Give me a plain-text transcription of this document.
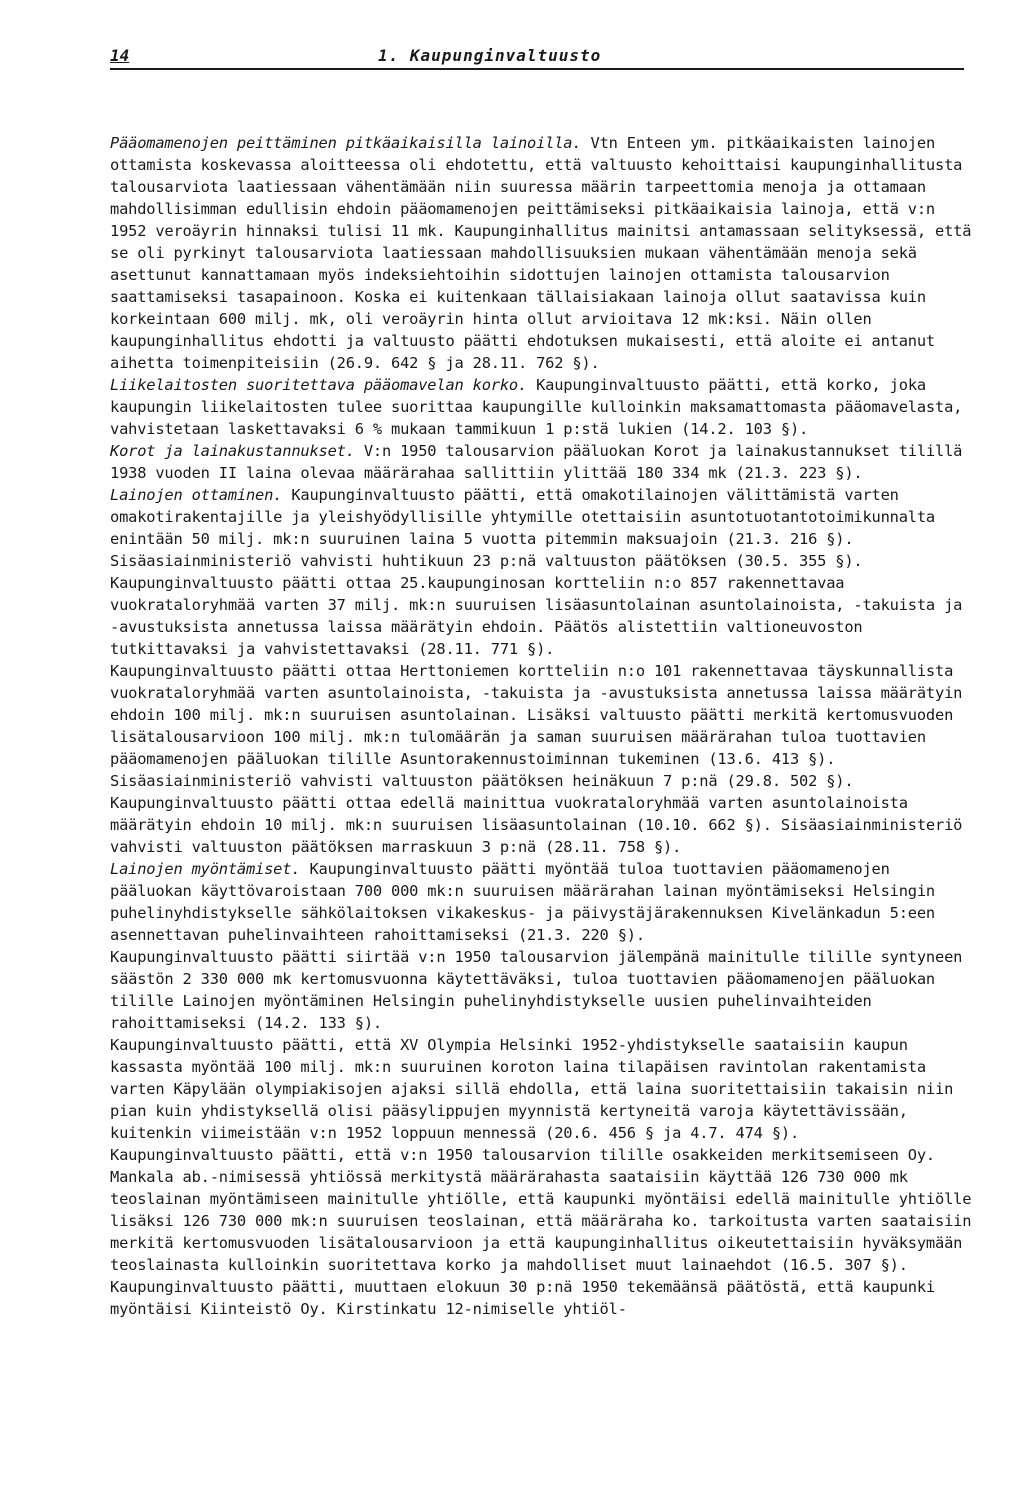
14	1. Kaupunginvaltuusto

Pääomamenojen peittäminen pitkäaikaisilla lainoilla. Vtn Enteen ym. pitkäaikaisten lainojen ottamista koskevassa aloitteessa oli ehdotettu, että valtuusto kehoittaisi kaupunginhallitusta talousarviota laatiessaan vähentämään niin suuressa määrin tarpeettomia menoja ja ottamaan mahdollisimman edullisin ehdoin pääomamenojen peittämiseksi pitkäaikaisia lainoja, että v:n 1952 veroäyrin hinnaksi tulisi 11 mk. Kaupunginhallitus mainitsi antamassaan selityksessä, että se oli pyrkinyt talousarviota laatiessaan mahdollisuuksien mukaan vähentämään menoja sekä asettunut kannattamaan myös indeksiehtoihin sidottujen lainojen ottamista talousarvion saattamiseksi tasapainoon. Koska ei kuitenkaan tällaisiakaan lainoja ollut saatavissa kuin korkeintaan 600 milj. mk, oli veroäyrin hinta ollut arvioitava 12 mk:ksi. Näin ollen kaupunginhallitus ehdotti ja valtuusto päätti ehdotuksen mukaisesti, että aloite ei antanut aihetta toimenpiteisiin (26.9. 642 § ja 28.11. 762 §).

Liikelaitosten suoritettava pääomavelan korko. Kaupunginvaltuusto päätti, että korko, joka kaupungin liikelaitosten tulee suorittaa kaupungille kulloinkin maksamattomasta pääomavelasta, vahvistetaan laskettavaksi 6 % mukaan tammikuun 1 p:stä lukien (14.2. 103 §).

Korot ja lainakustannukset. V:n 1950 talousarvion pääluokan Korot ja lainakustannukset tilillä 1938 vuoden II laina olevaa määrärahaa sallittiin ylittää 180 334 mk (21.3. 223 §).

Lainojen ottaminen. Kaupunginvaltuusto päätti, että omakotilainojen välittämistä varten omakotirakentajille ja yleishyödyllisille yhtymille otettaisiin asuntotuotantotoimikunnalta enintään 50 milj. mk:n suuruinen laina 5 vuotta pitemmin maksuajoin (21.3. 216 §). Sisäasiainministeriö vahvisti huhtikuun 23 p:nä valtuuston päätöksen (30.5. 355 §).

Kaupunginvaltuusto päätti ottaa 25.kaupunginosan kortteliin n:o 857 rakennettavaa vuokrataloryhmää varten 37 milj. mk:n suuruisen lisäasuntolainan asuntolainoista, -takuista ja -avustuksista annetussa laissa määrätyin ehdoin. Päätös alistettiin valtioneuvoston tutkittavaksi ja vahvistettavaksi (28.11. 771 §).

Kaupunginvaltuusto päätti ottaa Herttoniemen kortteliin n:o 101 rakennettavaa täyskunnallista vuokrataloryhmää varten asuntolainoista, -takuista ja -avustuksista annetussa laissa määrätyin ehdoin 100 milj. mk:n suuruisen asuntolainan. Lisäksi valtuusto päätti merkitä kertomusvuoden lisätalousarvioon 100 milj. mk:n tulomäärän ja saman suuruisen määrärahan tuloa tuottavien pääomamenojen pääluokan tilille Asuntorakennustoiminnan tukeminen (13.6. 413 §). Sisäasiainministeriö vahvisti valtuuston päätöksen heinäkuun 7 p:nä (29.8. 502 §). Kaupunginvaltuusto päätti ottaa edellä mainittua vuokrataloryhmää varten asuntolainoista määrätyin ehdoin 10 milj. mk:n suuruisen lisäasuntolainan (10.10. 662 §). Sisäasiainministeriö vahvisti valtuuston päätöksen marraskuun 3 p:nä (28.11. 758 §).

Lainojen myöntämiset. Kaupunginvaltuusto päätti myöntää tuloa tuottavien pääomamenojen pääluokan käyttövaroistaan 700 000 mk:n suuruisen määrärahan lainan myöntämiseksi Helsingin puhelinyhdistykselle sähkölaitoksen vikakeskus- ja päivystäjärakennuksen Kivelänkadun 5:een asennettavan puhelinvaihteen rahoittamiseksi (21.3. 220 §).

Kaupunginvaltuusto päätti siirtää v:n 1950 talousarvion jälempänä mainitulle tilille syntyneen säästön 2 330 000 mk kertomusvuonna käytettäväksi, tuloa tuottavien pääomamenojen pääluokan tilille Lainojen myöntäminen Helsingin puhelinyhdistykselle uusien puhelinvaihteiden rahoittamiseksi (14.2. 133 §).

Kaupunginvaltuusto päätti, että XV Olympia Helsinki 1952-yhdistykselle saataisiin kaupun kassasta myöntää 100 milj. mk:n suuruinen koroton laina tilapäisen ravintolan rakentamista varten Käpylään olympiakisojen ajaksi sillä ehdolla, että laina suoritettaisiin takaisin niin pian kuin yhdistyksellä olisi pääsylippujen myynnistä kertyneitä varoja käytettävissään, kuitenkin viimeistään v:n 1952 loppuun mennessä (20.6. 456 § ja 4.7. 474 §).

Kaupunginvaltuusto päätti, että v:n 1950 talousarvion tilille osakkeiden merkitsemiseen Oy. Mankala ab.-nimisessä yhtiössä merkitystä määrärahasta saataisiin käyttää 126 730 000 mk teoslainan myöntämiseen mainitulle yhtiölle, että kaupunki myöntäisi edellä mainitulle yhtiölle lisäksi 126 730 000 mk:n suuruisen teoslainan, että määräraha ko. tarkoitusta varten saataisiin merkitä kertomusvuoden lisätalousarvioon ja että kaupunginhallitus oikeutettaisiin hyväksymään teoslainasta kulloinkin suoritettava korko ja mahdolliset muut lainaehdot (16.5. 307 §).

Kaupunginvaltuusto päätti, muuttaen elokuun 30 p:nä 1950 tekemäänsä päätöstä, että kaupunki myöntäisi Kiinteistö Oy. Kirstinkatu 12-nimiselle yhtiöl-
